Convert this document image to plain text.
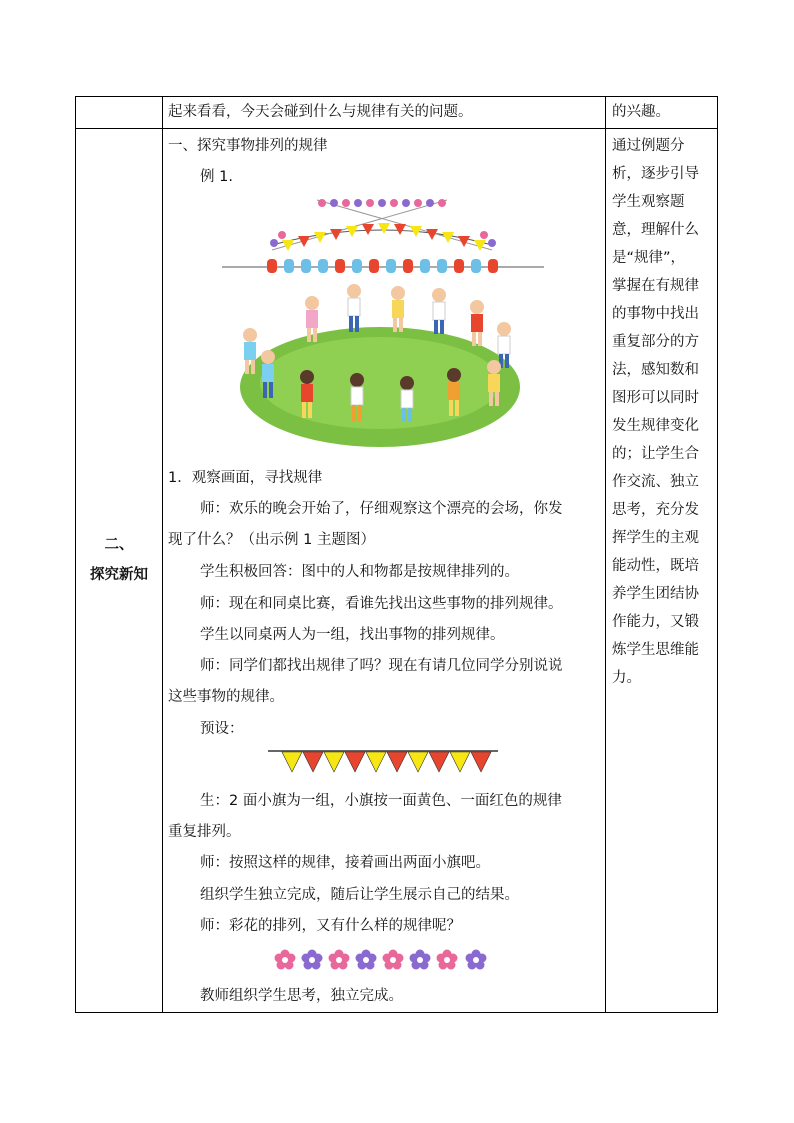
起来看看，今天会碰到什么与规律有关的问题。	的兴趣。
二、
探究新知
一、探究事物排列的规律
例 1.
1．观察画面，寻找规律
师：欢乐的晚会开始了，仔细观察这个漂亮的会场，你发
现了什么？（出示例 1 主题图）
学生积极回答：图中的人和物都是按规律排列的。
师：现在和同桌比赛，看谁先找出这些事物的排列规律。
学生以同桌两人为一组，找出事物的排列规律。
师：同学们都找出规律了吗？现在有请几位同学分别说说
这些事物的规律。
预设：
生：2 面小旗为一组，小旗按一面黄色、一面红色的规律
重复排列。
师：按照这样的规律，接着画出两面小旗吧。
组织学生独立完成，随后让学生展示自己的结果。
师：彩花的排列，又有什么样的规律呢？
教师组织学生思考，独立完成。
通过例题分
析，逐步引导
学生观察题
意，理解什么
是“规律”，
掌握在有规律
的事物中找出
重复部分的方
法，感知数和
图形可以同时
发生规律变化
的；让学生合
作交流、独立
思考，充分发
挥学生的主观
能动性，既培
养学生团结协
作能力，又锻
炼学生思维能
力。
